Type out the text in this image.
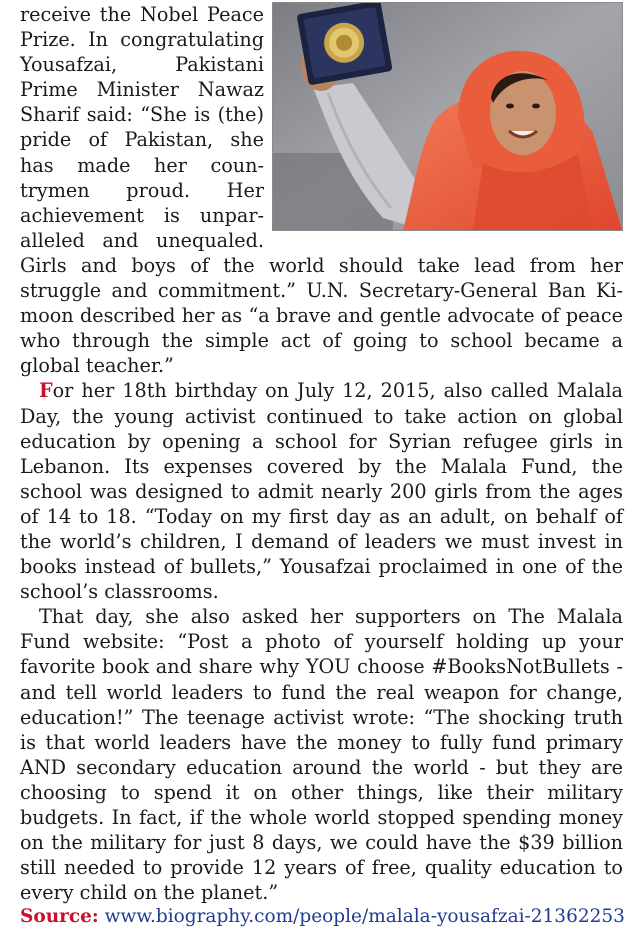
receive the Nobel Peace Prize. In congratulating Yousafzai, Pakistani Prime Minister Nawaz Sharif said: “She is (the) pride of Pakistan, she has made her countrymen proud. Her achievement is unparalleled and unequaled. Girls and boys of the world should take lead from her struggle and commitment.” U.N. Secretary-General Ban Ki-moon described her as “a brave and gentle advocate of peace who through the simple act of going to school became a global teacher.”

For her 18th birthday on July 12, 2015, also called Malala Day, the young activist continued to take action on global education by opening a school for Syrian refugee girls in Lebanon. Its expenses covered by the Malala Fund, the school was designed to admit nearly 200 girls from the ages of 14 to 18. “Today on my first day as an adult, on behalf of the world’s children, I demand of leaders we must invest in books instead of bullets,” Yousafzai proclaimed in one of the school’s classrooms.

That day, she also asked her supporters on The Malala Fund website: “Post a photo of yourself holding up your favorite book and share why YOU choose #BooksNotBullets - and tell world leaders to fund the real weapon for change, education!” The teenage activist wrote: “The shocking truth is that world leaders have the money to fully fund primary AND secondary education around the world - but they are choosing to spend it on other things, like their military budgets. In fact, if the whole world stopped spending money on the military for just 8 days, we could have the $39 billion still needed to provide 12 years of free, quality education to every child on the planet.”

Source: www.biography.com/people/malala-yousafzai-21362253
